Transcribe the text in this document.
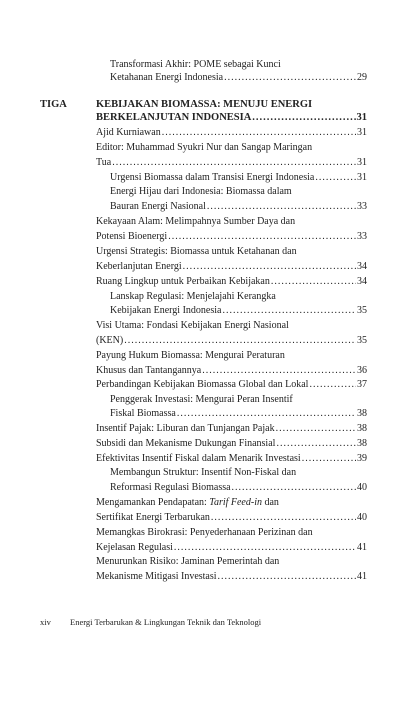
Transformasi Akhir: POME sebagai Kunci
Ketahanan Energi Indonesia .....	29
TIGA	KEBIJAKAN BIOMASSA: MENUJU ENERGI
BERKELANJUTAN INDONESIA .....	31
Ajid Kurniawan .....	31
Editor: Muhammad Syukri Nur dan Sangap Maringan
Tua .....	31
Urgensi Biomassa dalam Transisi Energi Indonesia .....	31
Energi Hijau dari Indonesia: Biomassa dalam
Bauran Energi Nasional .....	33
Kekayaan Alam: Melimpahnya Sumber Daya dan
Potensi Bioenergi .....	33
Urgensi Strategis: Biomassa untuk Ketahanan dan
Keberlanjutan Energi .....	34
Ruang Lingkup untuk Perbaikan Kebijakan .....	34
Lanskap Regulasi: Menjelajahi Kerangka
Kebijakan Energi Indonesia .....	35
Visi Utama: Fondasi Kebijakan Energi Nasional
(KEN) .....	35
Payung Hukum Biomassa: Mengurai Peraturan
Khusus dan Tantangannya .....	36
Perbandingan Kebijakan Biomassa Global dan Lokal .....	37
Penggerak Investasi: Mengurai Peran Insentif
Fiskal Biomassa .....	38
Insentif Pajak: Liburan dan Tunjangan Pajak .....	38
Subsidi dan Mekanisme Dukungan Finansial .....	38
Efektivitas Insentif Fiskal dalam Menarik Investasi .....	39
Membangun Struktur: Insentif Non-Fiskal dan
Reformasi Regulasi Biomassa .....	40
Mengamankan Pendapatan: Tarif Feed-in dan
Sertifikat Energi Terbarukan .....	40
Memangkas Birokrasi: Penyederhanaan Perizinan dan
Kejelasan Regulasi .....	41
Menurunkan Risiko: Jaminan Pemerintah dan
Mekanisme Mitigasi Investasi .....	41
xiv Energi Terbarukan & Lingkungan Teknik dan Teknologi
